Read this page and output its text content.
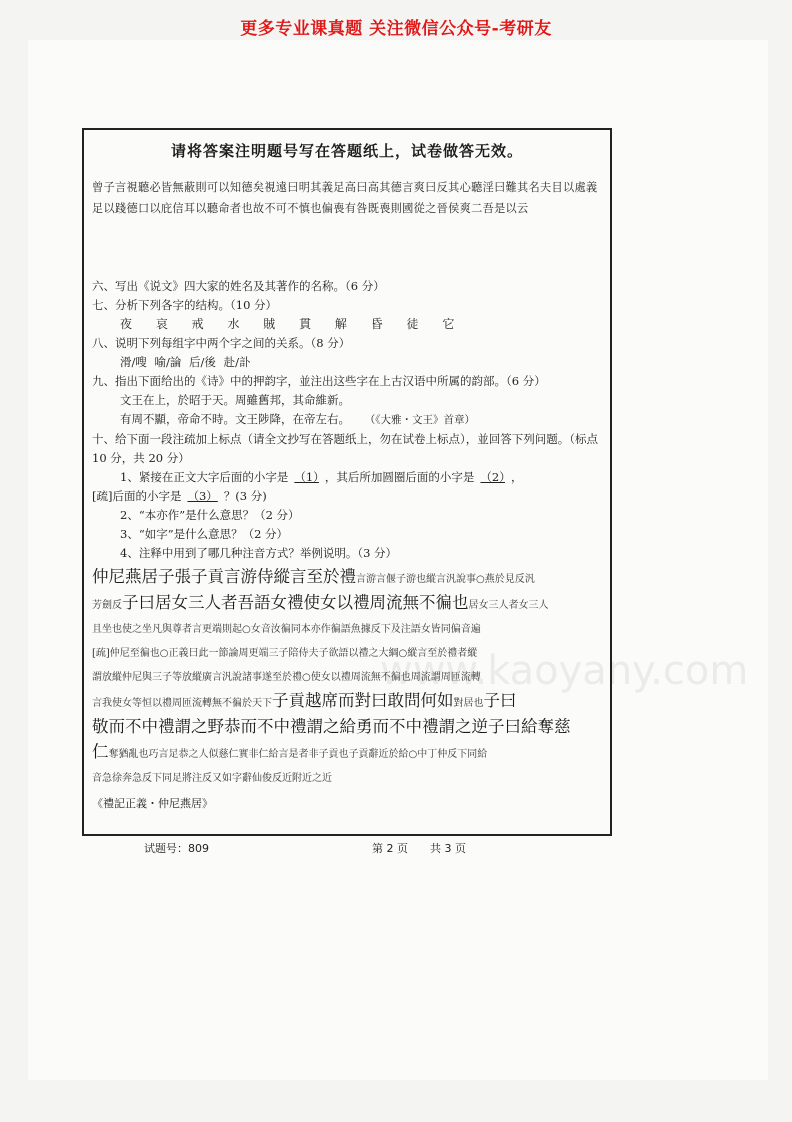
更多专业课真题 关注微信公众号-考研友
www.kaoyany.com
请将答案注明题号写在答题纸上，试卷做答无效。
曾子言視聽必皆無蔽則可以知德矣視遠曰明其義足高曰高其德言爽曰反其心聽淫曰難其名夫目以處義足以踐德口以庇信耳以聽命者也故不可不慎也偏喪有咎既喪則國從之晉侯爽二吾是以云
六、写出《说文》四大家的姓名及其著作的名称。（6 分）
七、分析下列各字的结构。（10 分）
夜 哀 戒 水 賊 貫 解 昏 徒 它
八、说明下列每组字中两个字之间的关系。（8 分）
滑/嗖 喻/論 后/後 赴/訃
九、指出下面给出的《诗》中的押韵字，並注出这些字在上古汉语中所属的韵部。（6 分）
文王在上，於昭于天。周雖舊邦，其命維新。
有周不顯，帝命不時。文王陟降，在帝左右。 （《大雅・文王》首章）
十、给下面一段注疏加上标点（请全文抄写在答题纸上，勿在试卷上标点），並回答下列问题。（标点 10 分，共 20 分）
1、紧接在正文大字后面的小字是 （1） ，其后所加圆圈后面的小字是 （2） ，
[疏]后面的小字是 （3） ？(3 分)
2、“本亦作”是什么意思？（2 分）
3、“如字”是什么意思？（2 分）
4、注释中用到了哪几种注音方式？举例说明。（3 分）
仲尼燕居子張子貢言游侍縱言至於禮言游言偃子游也縱言汎說事○燕於見反汎
芳劍反子曰居女三人者吾語女禮使女以禮周流無不徧也居女三人者女三人
且坐也使之坐凡與尊者言更端則起○女音汝徧同本亦作徧語魚據反下及注語女皆同偏音遍
[疏]仲尼至徧也○正義曰此一節論周更端三子陪侍夫子欲語以禮之大綱○縱言至於禮者縱
謂放縱仲尼與三子等放縱廣言汎說諸事遂至於禮○使女以禮周流無不徧也周流謂周匝流轉
言我使女等恒以禮周匝流轉無不徧於天下子貢越席而對曰敢問何如對居也子曰
敬而不中禮謂之野恭而不中禮謂之給勇而不中禮謂之逆子曰給奪慈
仁奪猶亂也巧言足恭之人似慈仁實非仁給言是者非子貢也子貢辭近於給○中丁仲反下同給
音急徐奔急反下同足將注反又如字辭仙俊反近附近之近
《禮記正義・仲尼燕居》
试题号：809	第 2 页　　共 3 页
